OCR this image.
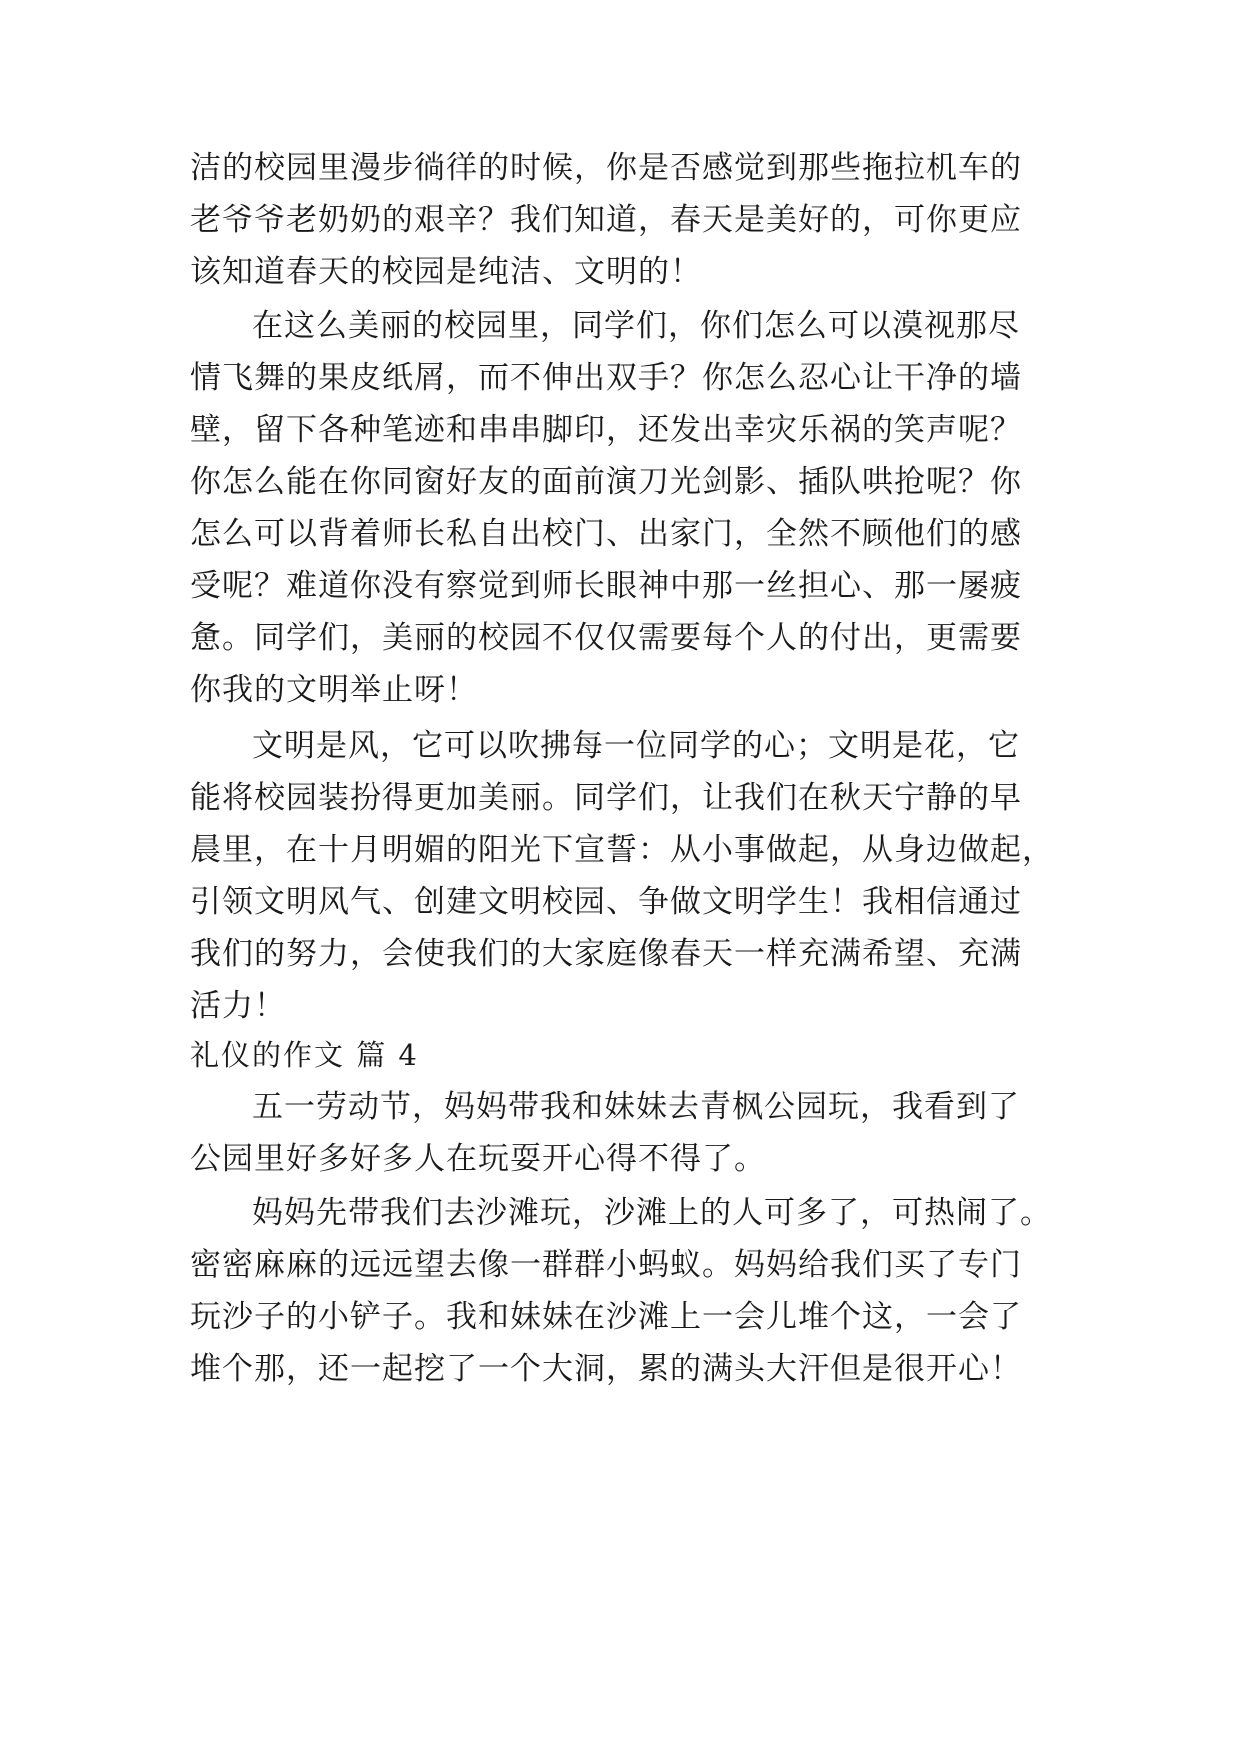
洁的校园里漫步徜徉的时候，你是否感觉到那些拖拉机车的
老爷爷老奶奶的艰辛？我们知道，春天是美好的，可你更应
该知道春天的校园是纯洁、文明的！
在这么美丽的校园里，同学们，你们怎么可以漠视那尽
情飞舞的果皮纸屑，而不伸出双手？你怎么忍心让干净的墙
壁，留下各种笔迹和串串脚印，还发出幸灾乐祸的笑声呢？
你怎么能在你同窗好友的面前演刀光剑影、插队哄抢呢？你
怎么可以背着师长私自出校门、出家门，全然不顾他们的感
受呢？难道你没有察觉到师长眼神中那一丝担心、那一屡疲
惫。同学们，美丽的校园不仅仅需要每个人的付出，更需要
你我的文明举止呀！
文明是风，它可以吹拂每一位同学的心；文明是花，它
能将校园装扮得更加美丽。同学们，让我们在秋天宁静的早
晨里，在十月明媚的阳光下宣誓：从小事做起，从身边做起，
引领文明风气、创建文明校园、争做文明学生！我相信通过
我们的努力，会使我们的大家庭像春天一样充满希望、充满
活力！
礼仪的作文 篇 4
五一劳动节，妈妈带我和妹妹去青枫公园玩，我看到了
公园里好多好多人在玩耍开心得不得了。
妈妈先带我们去沙滩玩，沙滩上的人可多了，可热闹了。
密密麻麻的远远望去像一群群小蚂蚁。妈妈给我们买了专门
玩沙子的小铲子。我和妹妹在沙滩上一会儿堆个这，一会了
堆个那，还一起挖了一个大洞，累的满头大汗但是很开心！
